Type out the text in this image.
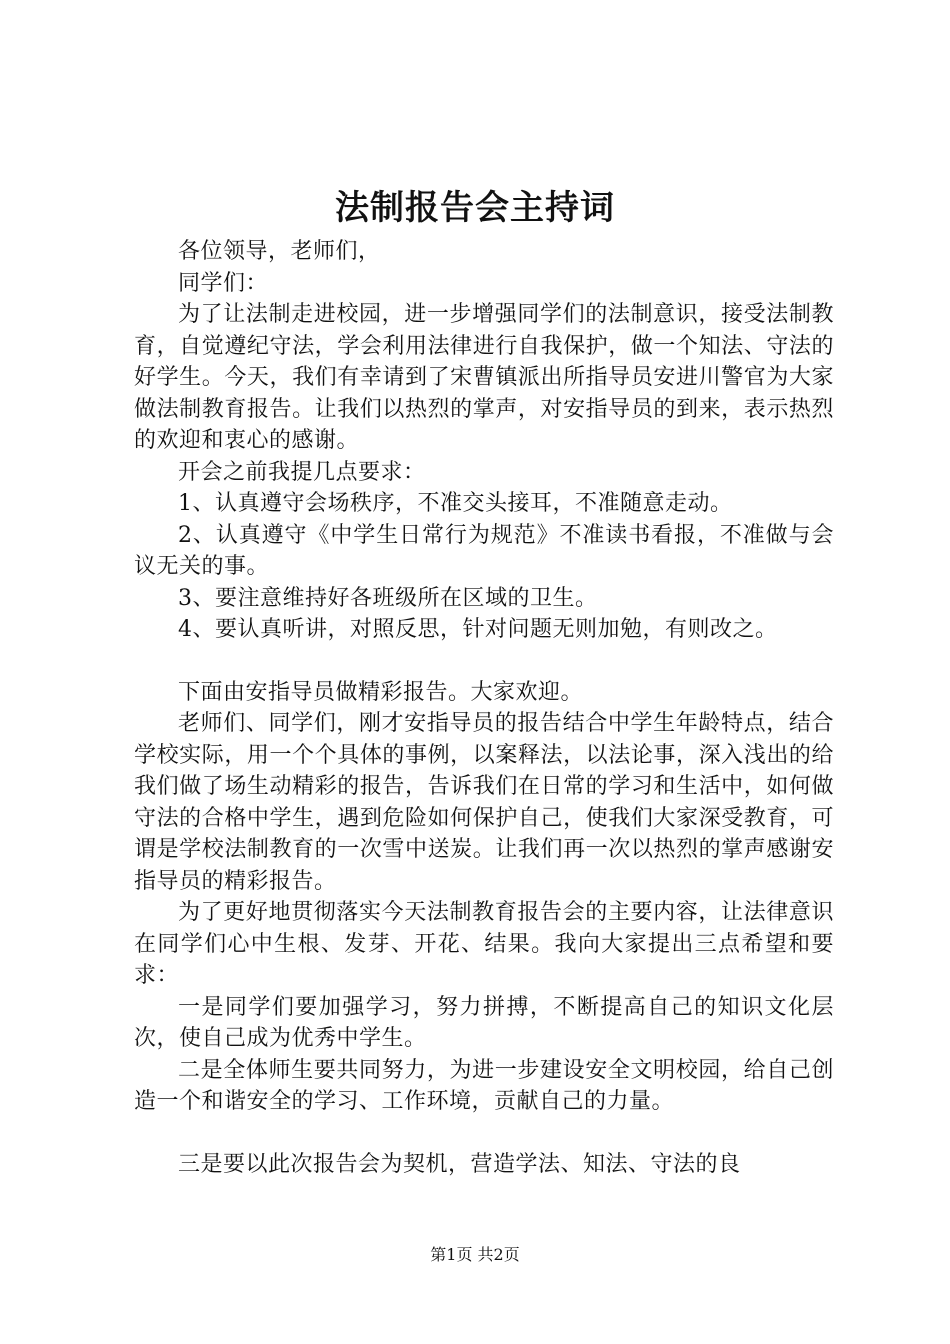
法制报告会主持词

各位领导，老师们，

同学们：

为了让法制走进校园，进一步增强同学们的法制意识，接受法制教育，自觉遵纪守法，学会利用法律进行自我保护，做一个知法、守法的好学生。今天，我们有幸请到了宋曹镇派出所指导员安进川警官为大家做法制教育报告。让我们以热烈的掌声，对安指导员的到来，表示热烈的欢迎和衷心的感谢。

开会之前我提几点要求：

1、认真遵守会场秩序，不准交头接耳，不准随意走动。

2、认真遵守《中学生日常行为规范》不准读书看报，不准做与会议无关的事。

3、要注意维持好各班级所在区域的卫生。

4、要认真听讲，对照反思，针对问题无则加勉，有则改之。

下面由安指导员做精彩报告。大家欢迎。

老师们、同学们，刚才安指导员的报告结合中学生年龄特点，结合学校实际，用一个个具体的事例，以案释法，以法论事，深入浅出的给我们做了场生动精彩的报告，告诉我们在日常的学习和生活中，如何做守法的合格中学生，遇到危险如何保护自己，使我们大家深受教育，可谓是学校法制教育的一次雪中送炭。让我们再一次以热烈的掌声感谢安指导员的精彩报告。

为了更好地贯彻落实今天法制教育报告会的主要内容，让法律意识在同学们心中生根、发芽、开花、结果。我向大家提出三点希望和要求：

一是同学们要加强学习，努力拼搏，不断提高自己的知识文化层次，使自己成为优秀中学生。

二是全体师生要共同努力，为进一步建设安全文明校园，给自己创造一个和谐安全的学习、工作环境，贡献自己的力量。

三是要以此次报告会为契机，营造学法、知法、守法的良

第1页 共2页
